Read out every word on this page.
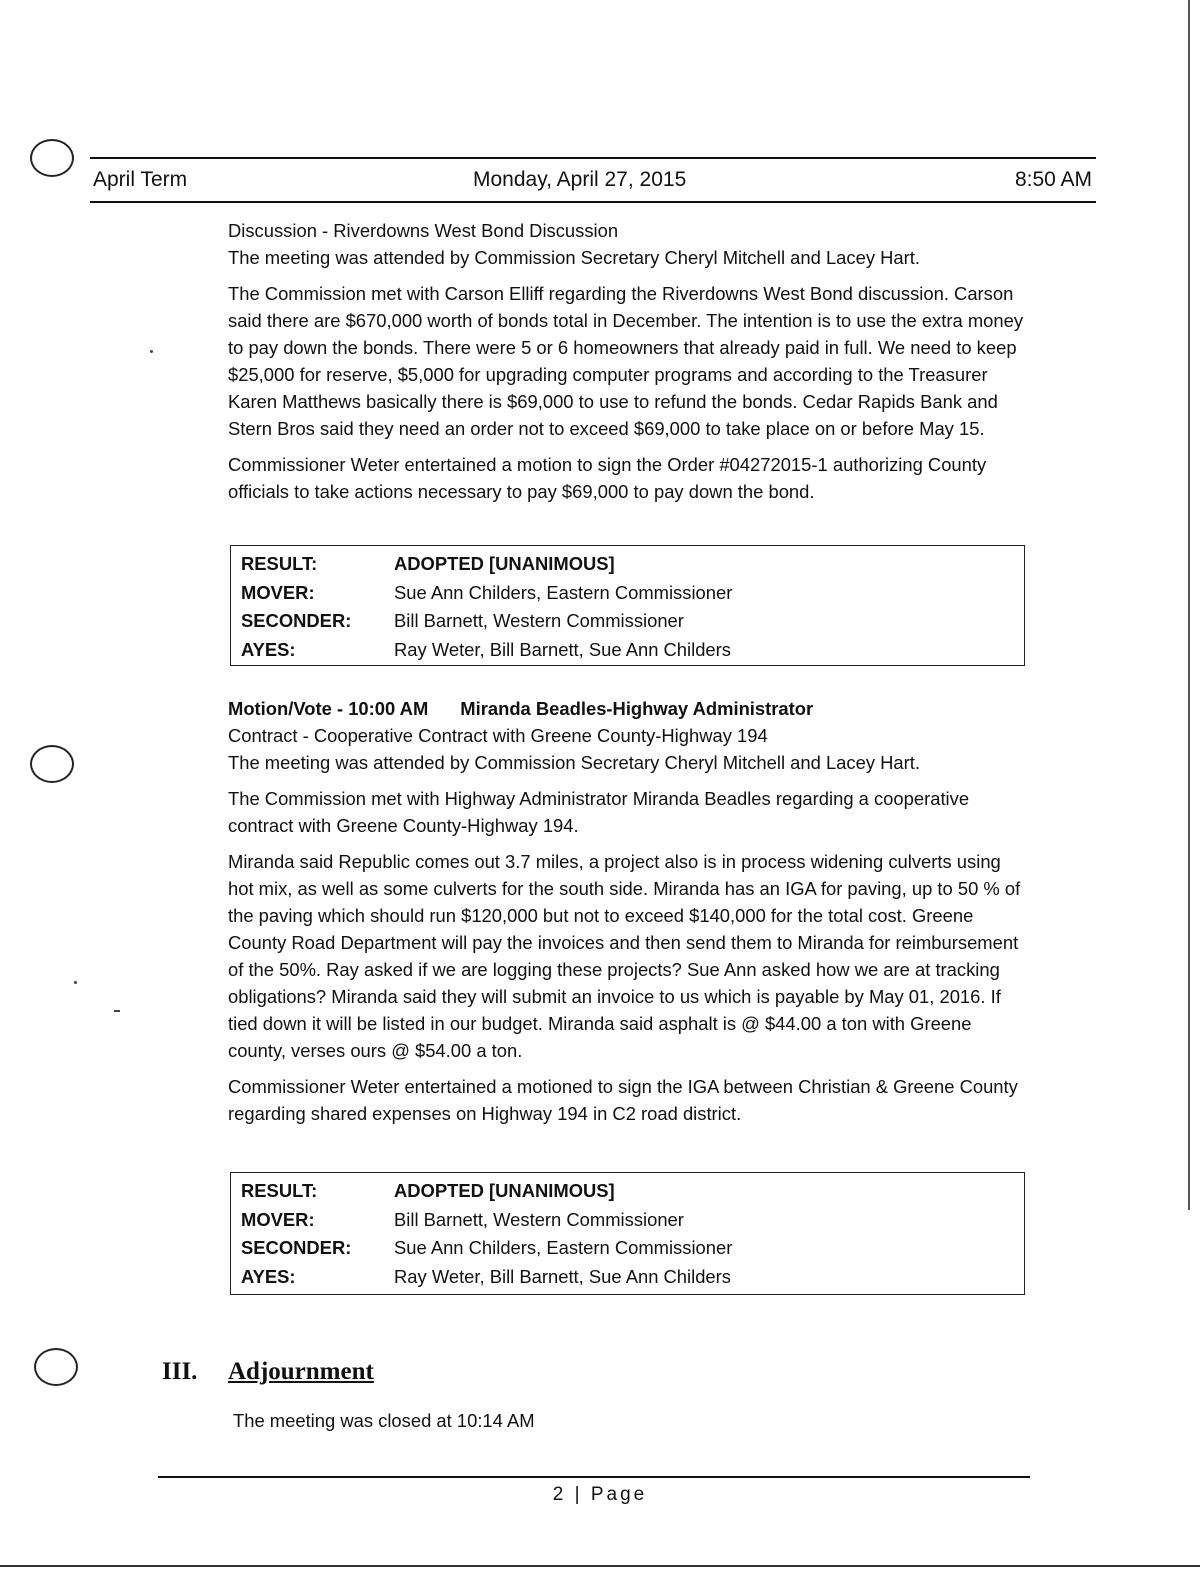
April Term	Monday, April 27, 2015	8:50 AM

Discussion - Riverdowns West Bond Discussion

The meeting was attended by Commission Secretary Cheryl Mitchell and Lacey Hart.

The Commission met with Carson Elliff regarding the Riverdowns West Bond discussion. Carson said there are $670,000 worth of bonds total in December. The intention is to use the extra money to pay down the bonds. There were 5 or 6 homeowners that already paid in full. We need to keep $25,000 for reserve, $5,000 for upgrading computer programs and according to the Treasurer Karen Matthews basically there is $69,000 to use to refund the bonds. Cedar Rapids Bank and Stern Bros said they need an order not to exceed $69,000 to take place on or before May 15.

Commissioner Weter entertained a motion to sign the Order #04272015-1 authorizing County officials to take actions necessary to pay $69,000 to pay down the bond.

RESULT:	ADOPTED [UNANIMOUS]
MOVER:	Sue Ann Childers, Eastern Commissioner
SECONDER:	Bill Barnett, Western Commissioner
AYES:	Ray Weter, Bill Barnett, Sue Ann Childers

Motion/Vote - 10:00 AM Miranda Beadles-Highway Administrator

Contract - Cooperative Contract with Greene County-Highway 194

The meeting was attended by Commission Secretary Cheryl Mitchell and Lacey Hart.

The Commission met with Highway Administrator Miranda Beadles regarding a cooperative contract with Greene County-Highway 194.

Miranda said Republic comes out 3.7 miles, a project also is in process widening culverts using hot mix, as well as some culverts for the south side. Miranda has an IGA for paving, up to 50 % of the paving which should run $120,000 but not to exceed $140,000 for the total cost. Greene County Road Department will pay the invoices and then send them to Miranda for reimbursement of the 50%. Ray asked if we are logging these projects? Sue Ann asked how we are at tracking obligations? Miranda said they will submit an invoice to us which is payable by May 01, 2016. If tied down it will be listed in our budget. Miranda said asphalt is @ $44.00 a ton with Greene county, verses ours @ $54.00 a ton.

Commissioner Weter entertained a motioned to sign the IGA between Christian & Greene County regarding shared expenses on Highway 194 in C2 road district.

RESULT:	ADOPTED [UNANIMOUS]
MOVER:	Bill Barnett, Western Commissioner
SECONDER:	Sue Ann Childers, Eastern Commissioner
AYES:	Ray Weter, Bill Barnett, Sue Ann Childers
III. Adjournment
The meeting was closed at 10:14 AM
2 | Page
